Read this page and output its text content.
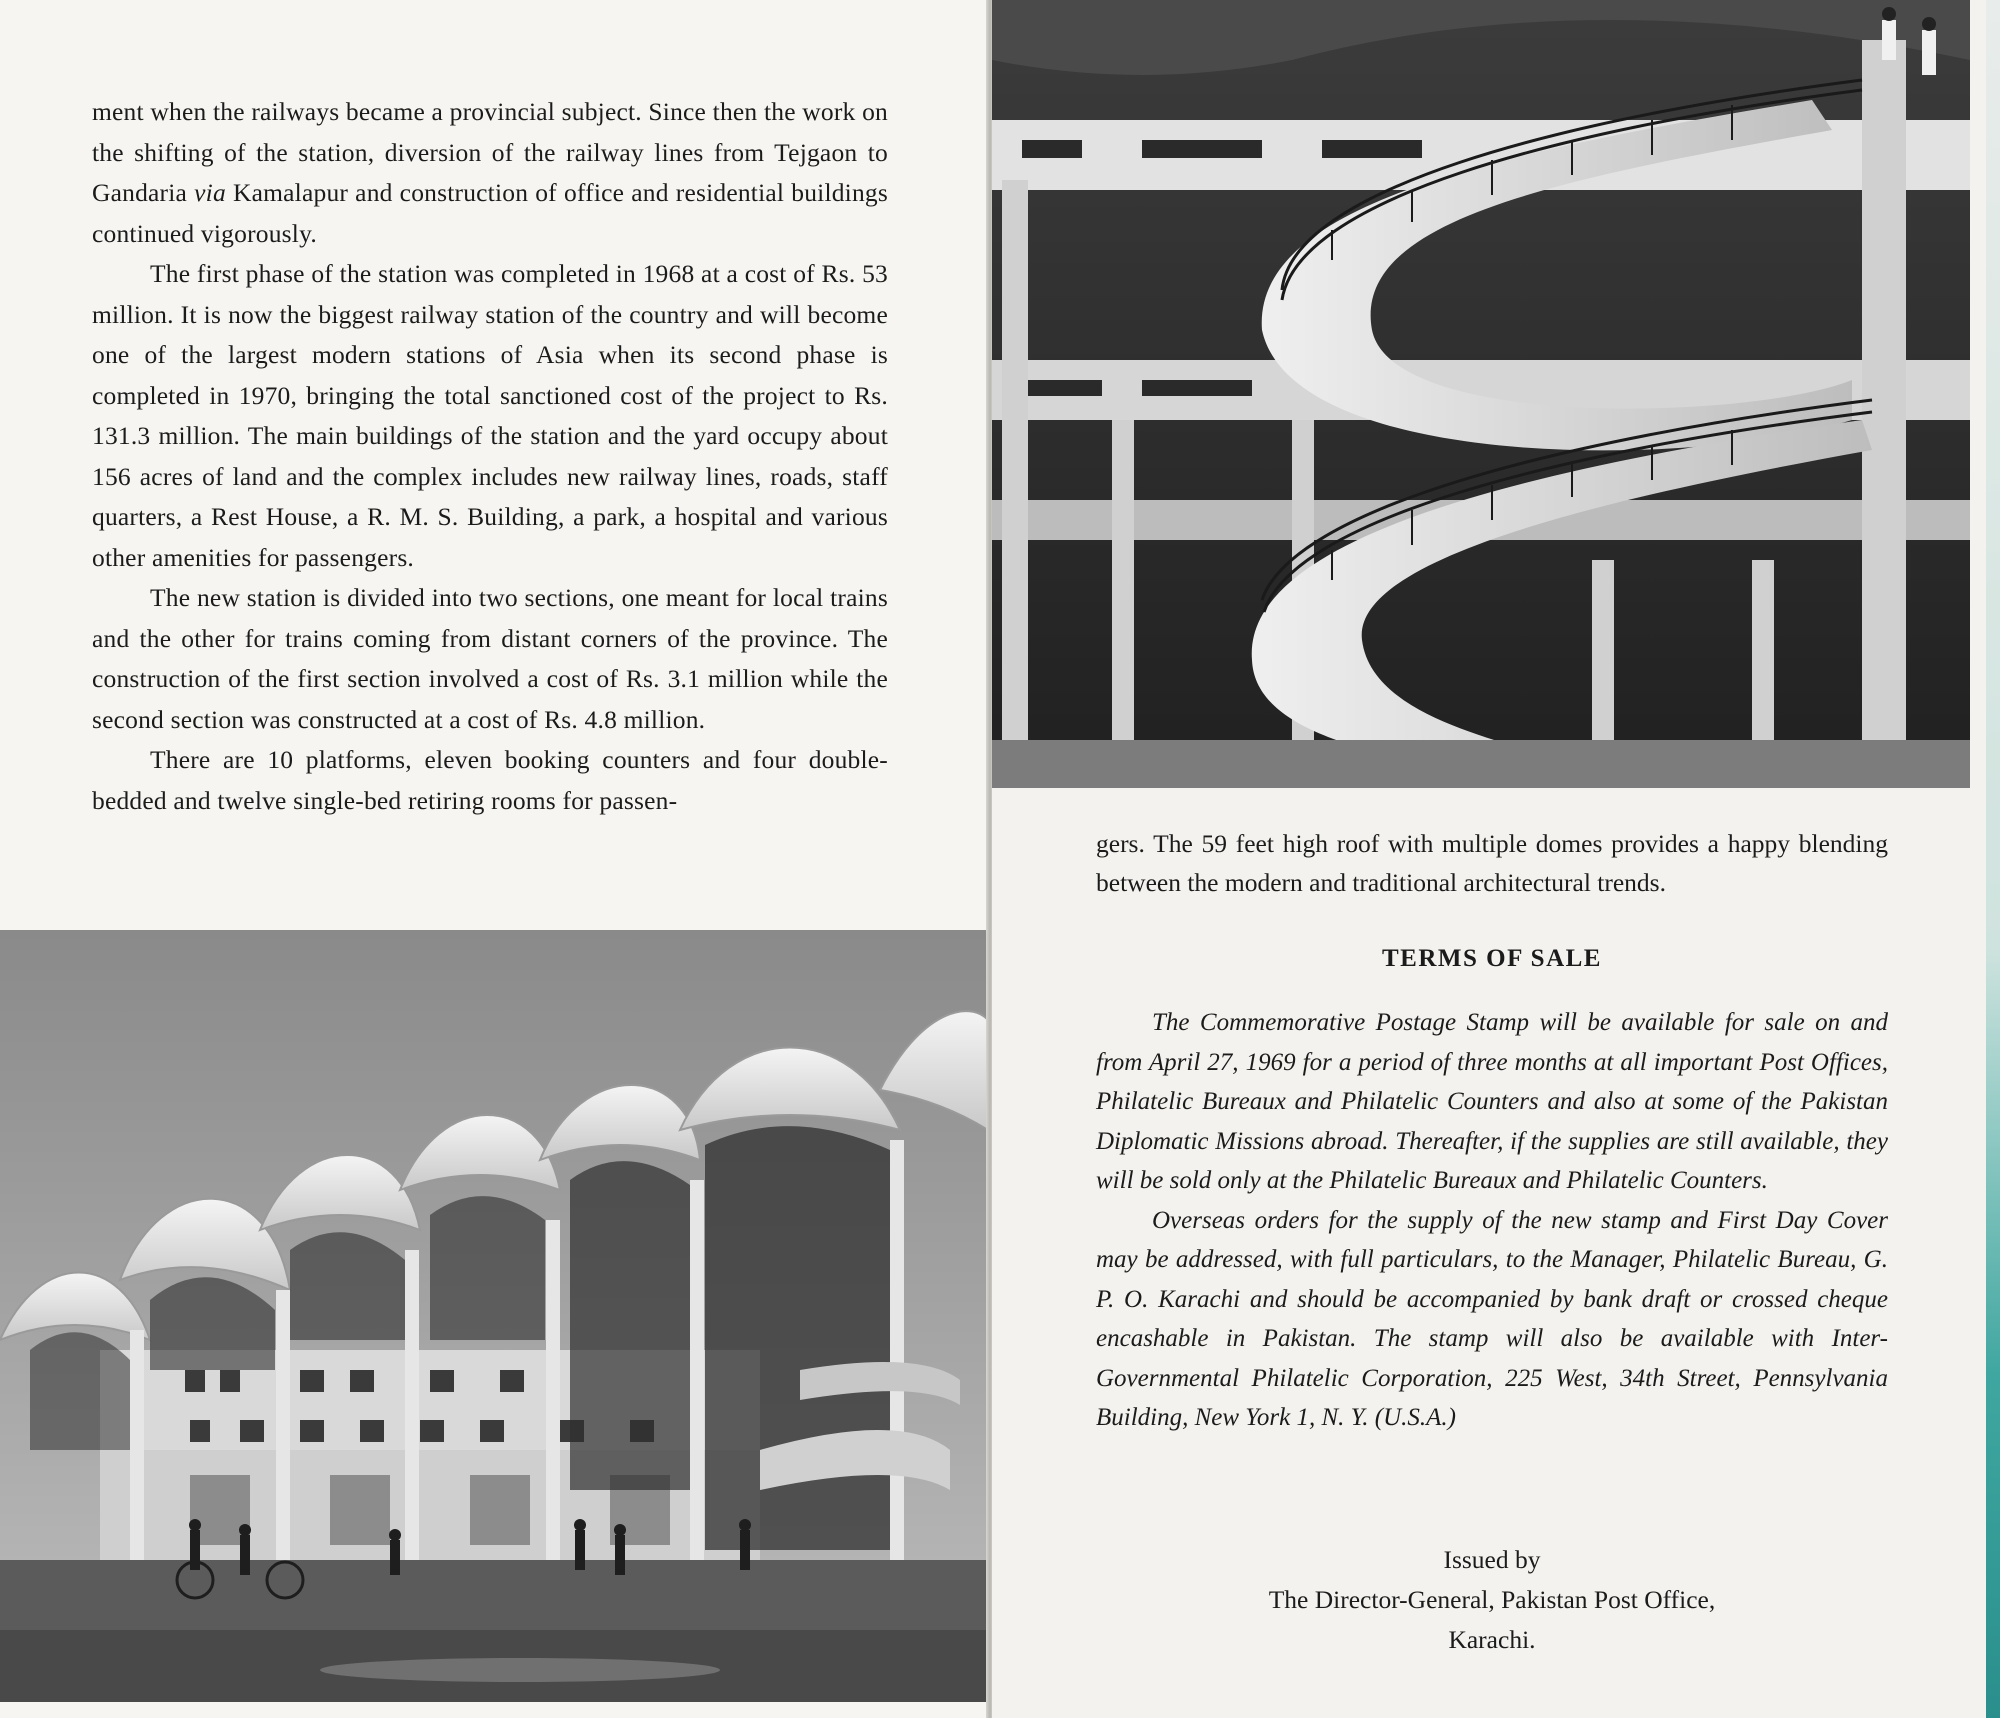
ment when the railways became a provincial subject. Since then the work on the shifting of the station, diversion of the railway lines from Tejgaon to Gandaria via Kamalapur and construction of office and residential buildings continued vigorously.

The first phase of the station was completed in 1968 at a cost of Rs. 53 million. It is now the biggest railway station of the country and will become one of the largest modern stations of Asia when its second phase is completed in 1970, bringing the total sanctioned cost of the project to Rs. 131.3 million. The main buildings of the station and the yard occupy about 156 acres of land and the complex includes new railway lines, roads, staff quarters, a Rest House, a R. M. S. Building, a park, a hospital and various other amenities for passengers.

The new station is divided into two sections, one meant for local trains and the other for trains coming from distant corners of the province. The construction of the first section involved a cost of Rs. 3.1 million while the second section was constructed at a cost of Rs. 4.8 million.

There are 10 platforms, eleven booking counters and four double-bedded and twelve single-bed retiring rooms for passen-

gers. The 59 feet high roof with multiple domes provides a happy blending between the modern and traditional architectural trends.
TERMS OF SALE

The Commemorative Postage Stamp will be available for sale on and from April 27, 1969 for a period of three months at all important Post Offices, Philatelic Bureaux and Philatelic Counters and also at some of the Pakistan Diplomatic Missions abroad. Thereafter, if the supplies are still available, they will be sold only at the Philatelic Bureaux and Philatelic Counters.

Overseas orders for the supply of the new stamp and First Day Cover may be addressed, with full particulars, to the Manager, Philatelic Bureau, G. P. O. Karachi and should be accompanied by bank draft or crossed cheque encashable in Pakistan. The stamp will also be available with Inter-Governmental Philatelic Corporation, 225 West, 34th Street, Pennsylvania Building, New York 1, N. Y. (U.S.A.)

Issued by
The Director-General, Pakistan Post Office,
Karachi.
